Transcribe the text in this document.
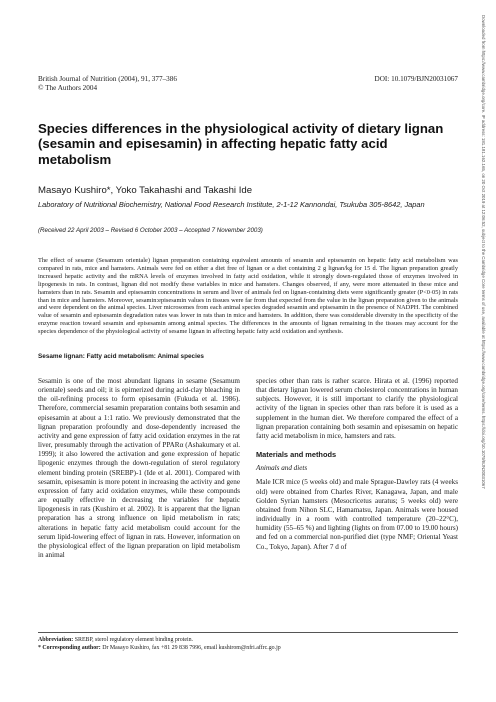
British Journal of Nutrition (2004), 91, 377–386
© The Authors 2004
DOI: 10.1079/BJN20031067
Species differences in the physiological activity of dietary lignan (sesamin and episesamin) in affecting hepatic fatty acid metabolism
Masayo Kushiro*, Yoko Takahashi and Takashi Ide
Laboratory of Nutritional Biochemistry, National Food Research Institute, 2-1-12 Kannondai, Tsukuba 305-8642, Japan
(Received 22 April 2003 – Revised 6 October 2003 – Accepted 7 November 2003)
The effect of sesame (Sesamum orientale) lignan preparation containing equivalent amounts of sesamin and episesamin on hepatic fatty acid metabolism was compared in rats, mice and hamsters. Animals were fed on either a diet free of lignan or a diet containing 2 g lignan/kg for 15 d. The lignan preparation greatly increased hepatic activity and the mRNA levels of enzymes involved in fatty acid oxidation, while it strongly down-regulated those of enzymes involved in lipogenesis in rats. In contrast, lignan did not modify these variables in mice and hamsters. Changes observed, if any, were more attenuated in these mice and hamsters than in rats. Sesamin and episesamin concentrations in serum and liver of animals fed on lignan-containing diets were significantly greater (P<0·05) in rats than in mice and hamsters. Moreover, sesamin:episesamin values in tissues were far from that expected from the value in the lignan preparation given to the animals and were dependent on the animal species. Liver microsomes from each animal species degraded sesamin and episesamin in the presence of NADPH. The combined value of sesamin and episesamin degradation rates was lower in rats than in mice and hamsters. In addition, there was considerable diversity in the specificity of the enzyme reaction toward sesamin and episesamin among animal species. The differences in the amounts of lignan remaining in the tissues may account for the species dependence of the physiological activity of sesame lignan in affecting hepatic fatty acid oxidation and synthesis.
Sesame lignan: Fatty acid metabolism: Animal species
Sesamin is one of the most abundant lignans in sesame (Sesamum orientale) seeds and oil; it is epimerized during acid-clay bleaching in the oil-refining process to form episesamin (Fukuda et al. 1986). Therefore, commercial sesamin preparation contains both sesamin and episesamin at about a 1:1 ratio. We previously demonstrated that the lignan preparation profoundly and dose-dependently increased the activity and gene expression of fatty acid oxidation enzymes in the rat liver, presumably through the activation of PPARα (Ashakumary et al. 1999); it also lowered the activation and gene expression of hepatic lipogenic enzymes through the down-regulation of sterol regulatory element binding protein (SREBP)-1 (Ide et al. 2001). Compared with sesamin, episesamin is more potent in increasing the activity and gene expression of fatty acid oxidation enzymes, while these compounds are equally effective in decreasing the variables for hepatic lipogenesis in rats (Kushiro et al. 2002). It is apparent that the lignan preparation has a strong influence on lipid metabolism in rats; alterations in hepatic fatty acid metabolism could account for the serum lipid-lowering effect of lignan in rats. However, information on the physiological effect of the lignan preparation on lipid metabolism in animal
species other than rats is rather scarce. Hirata et al. (1996) reported that dietary lignan lowered serum cholesterol concentrations in human subjects. However, it is still important to clarify the physiological activity of the lignan in species other than rats before it is used as a supplement in the human diet. We therefore compared the effect of a lignan preparation containing both sesamin and episesamin on hepatic fatty acid metabolism in mice, hamsters and rats.
Materials and methods
Animals and diets
Male ICR mice (5 weeks old) and male Sprague-Dawley rats (4 weeks old) were obtained from Charles River, Kanagawa, Japan, and male Golden Syrian hamsters (Mesocricetus auratus; 5 weeks old) were obtained from Nihon SLC, Hamamatsu, Japan. Animals were housed individually in a room with controlled temperature (20–22°C), humidity (55–65 %) and lighting (lights on from 07.00 to 19.00 hours) and fed on a commercial non-purified diet (type NMF; Oriental Yeast Co., Tokyo, Japan). After 7 d of
Abbreviation: SREBP, sterol regulatory element binding protein.
* Corresponding author: Dr Masayo Kushiro, fax +81 29 838 7996, email kushirom@nfri.affrc.go.jp
Downloaded from https://www.cambridge.org/core. IP address: 181.181.162.165, on 20 Oct 2019 at 12:06:52, subject to the Cambridge Core terms of use, available at https://www.cambridge.org/core/terms. https://doi.org/10.1079/BJN20031067
